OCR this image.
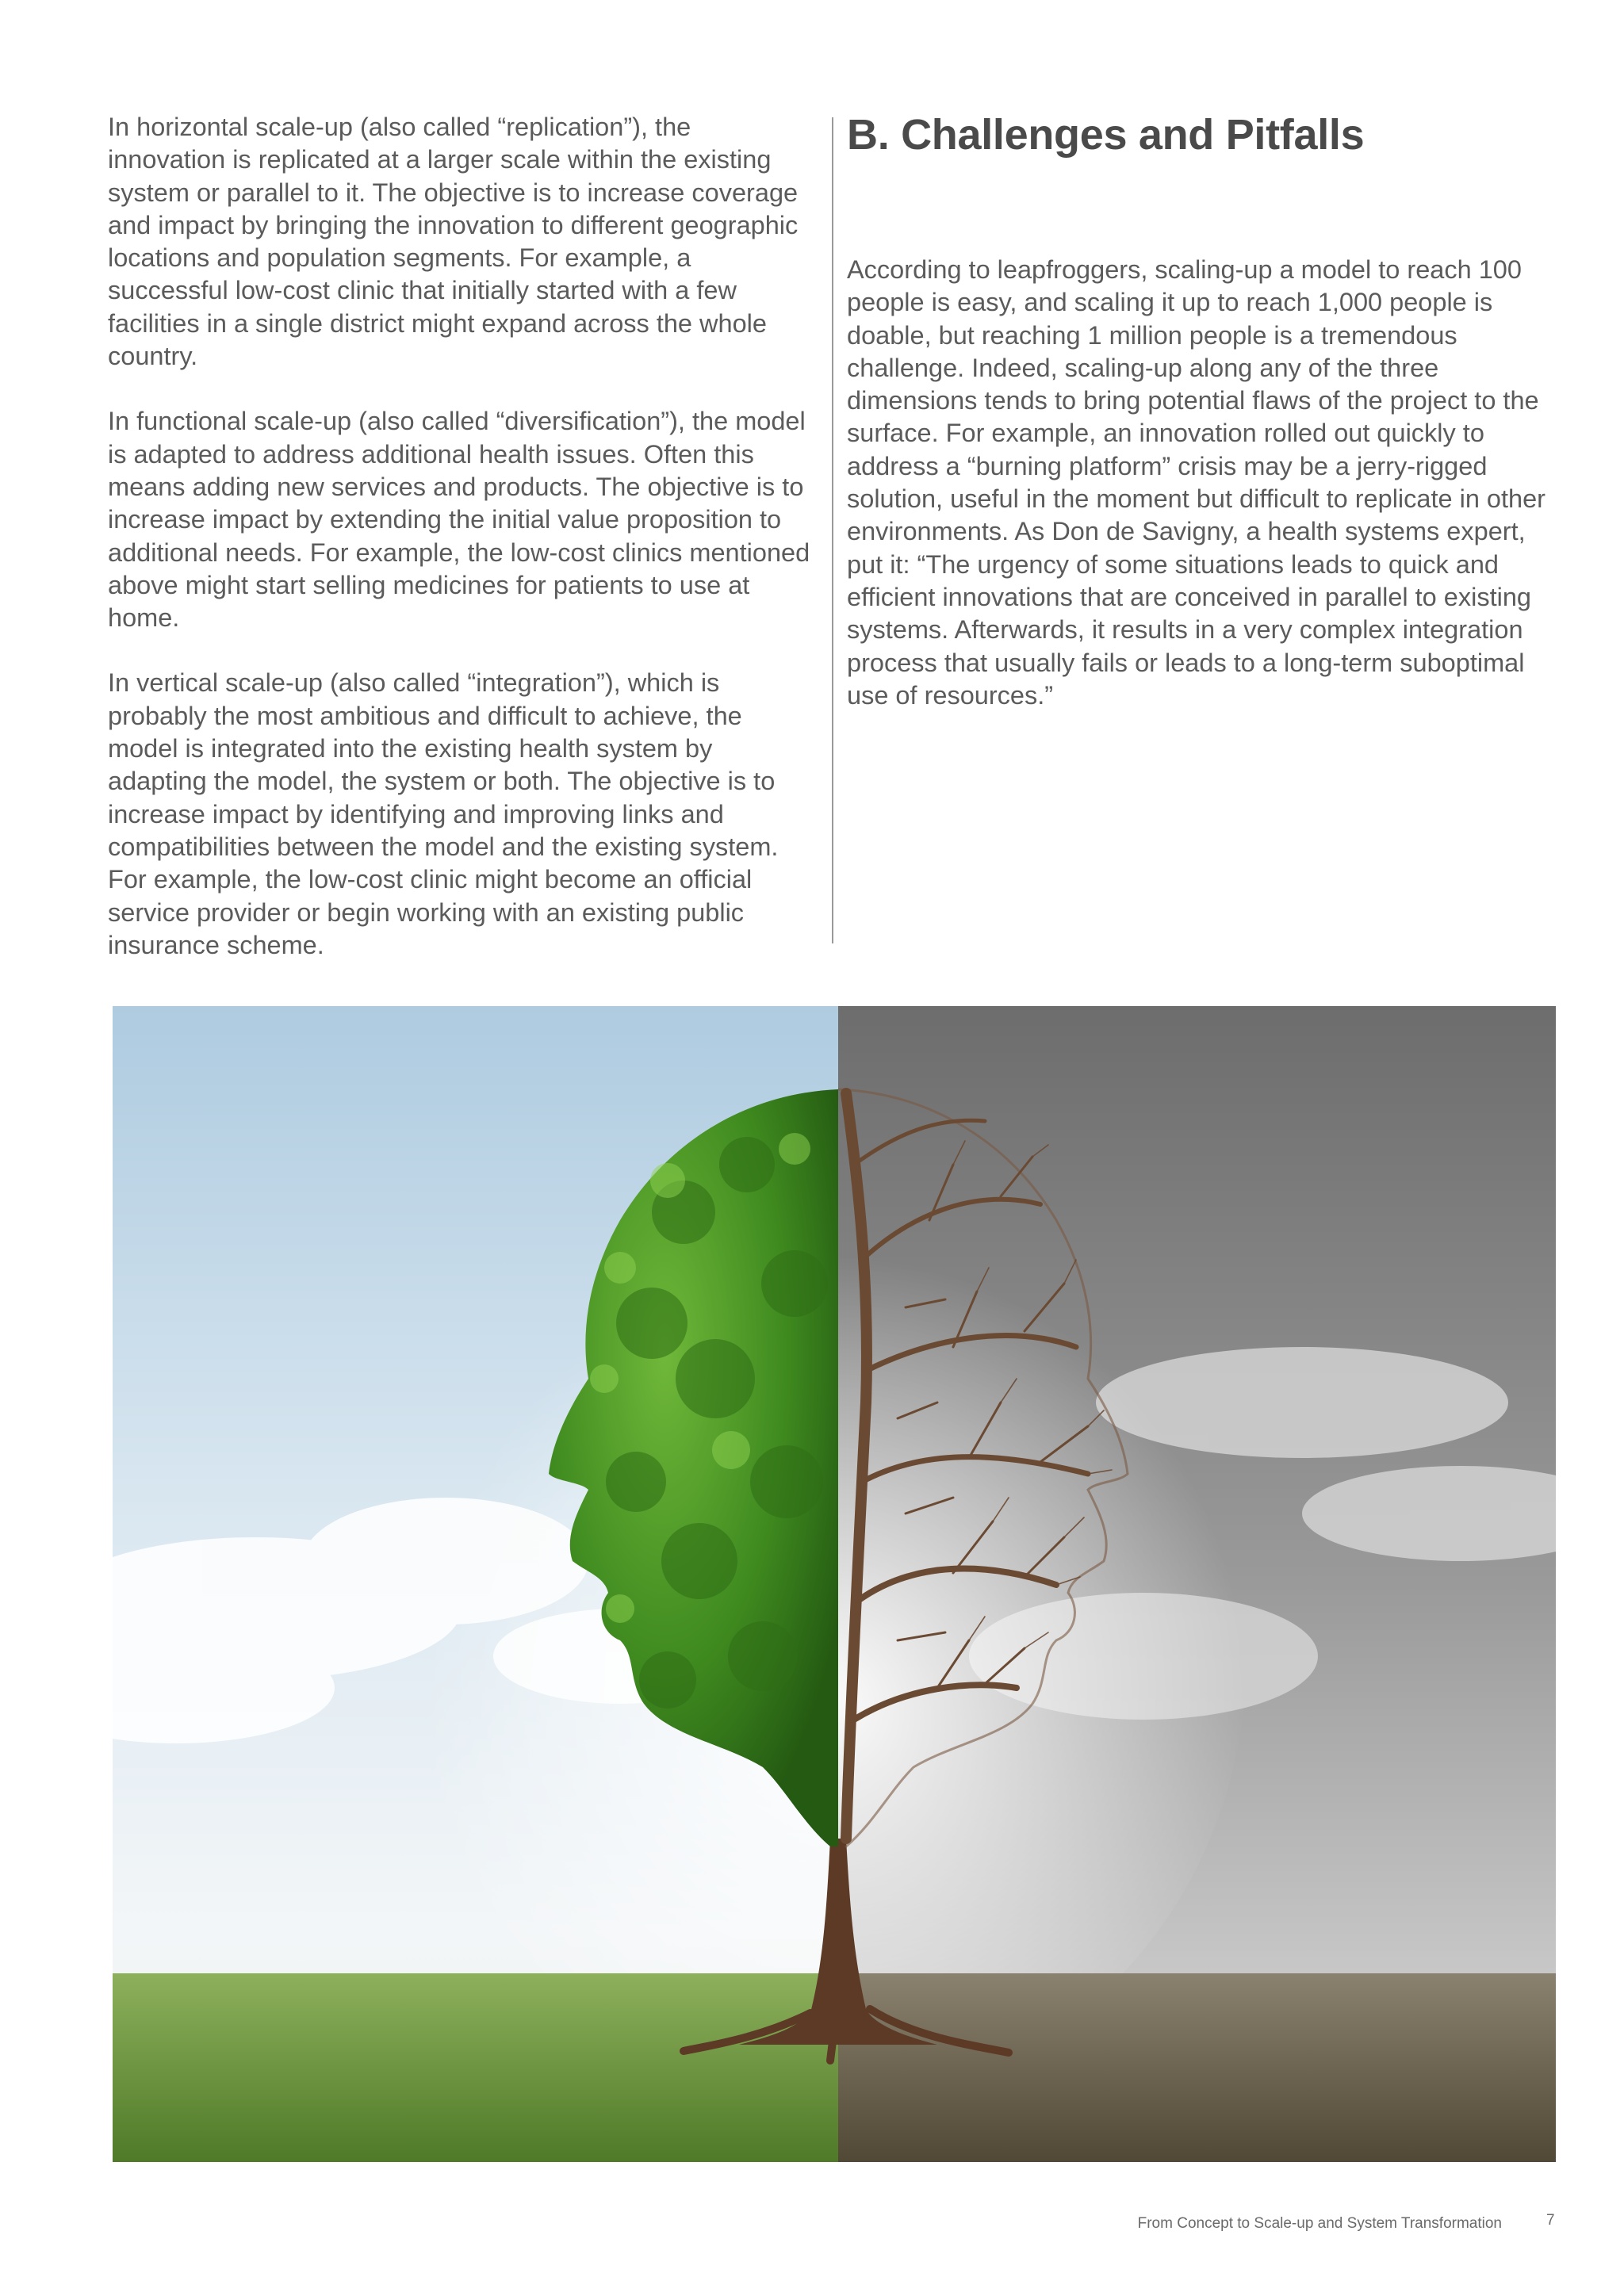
In horizontal scale-up (also called “replication”), the innovation is replicated at a larger scale within the existing system or parallel to it. The objective is to increase coverage and impact by bringing the innovation to different geographic locations and population segments. For example, a successful low-cost clinic that initially started with a few facilities in a single district might expand across the whole country.

In functional scale-up (also called “diversification”), the model is adapted to address additional health issues. Often this means adding new services and products. The objective is to increase impact by extending the initial value proposition to additional needs. For example, the low-cost clinics mentioned above might start selling medicines for patients to use at home.

In vertical scale-up (also called “integration”), which is probably the most ambitious and difficult to achieve, the model is integrated into the existing health system by adapting the model, the system or both. The objective is to increase impact by identifying and improving links and compatibilities between the model and the existing system. For example, the low-cost clinic might become an official service provider or begin working with an existing public insurance scheme.

B. Challenges and Pitfalls

According to leapfroggers, scaling-up a model to reach 100 people is easy, and scaling it up to reach 1,000 people is doable, but reaching 1 million people is a tremendous challenge. Indeed, scaling-up along any of the three dimensions tends to bring potential flaws of the project to the surface. For example, an innovation rolled out quickly to address a “burning platform” crisis may be a jerry-rigged solution, useful in the moment but difficult to replicate in other environments. As Don de Savigny, a health systems expert, put it: “The urgency of some situations leads to quick and efficient innovations that are conceived in parallel to existing systems. Afterwards, it results in a very complex integration process that usually fails or leads to a long-term suboptimal use of resources.”

From Concept to Scale-up and System Transformation	7
